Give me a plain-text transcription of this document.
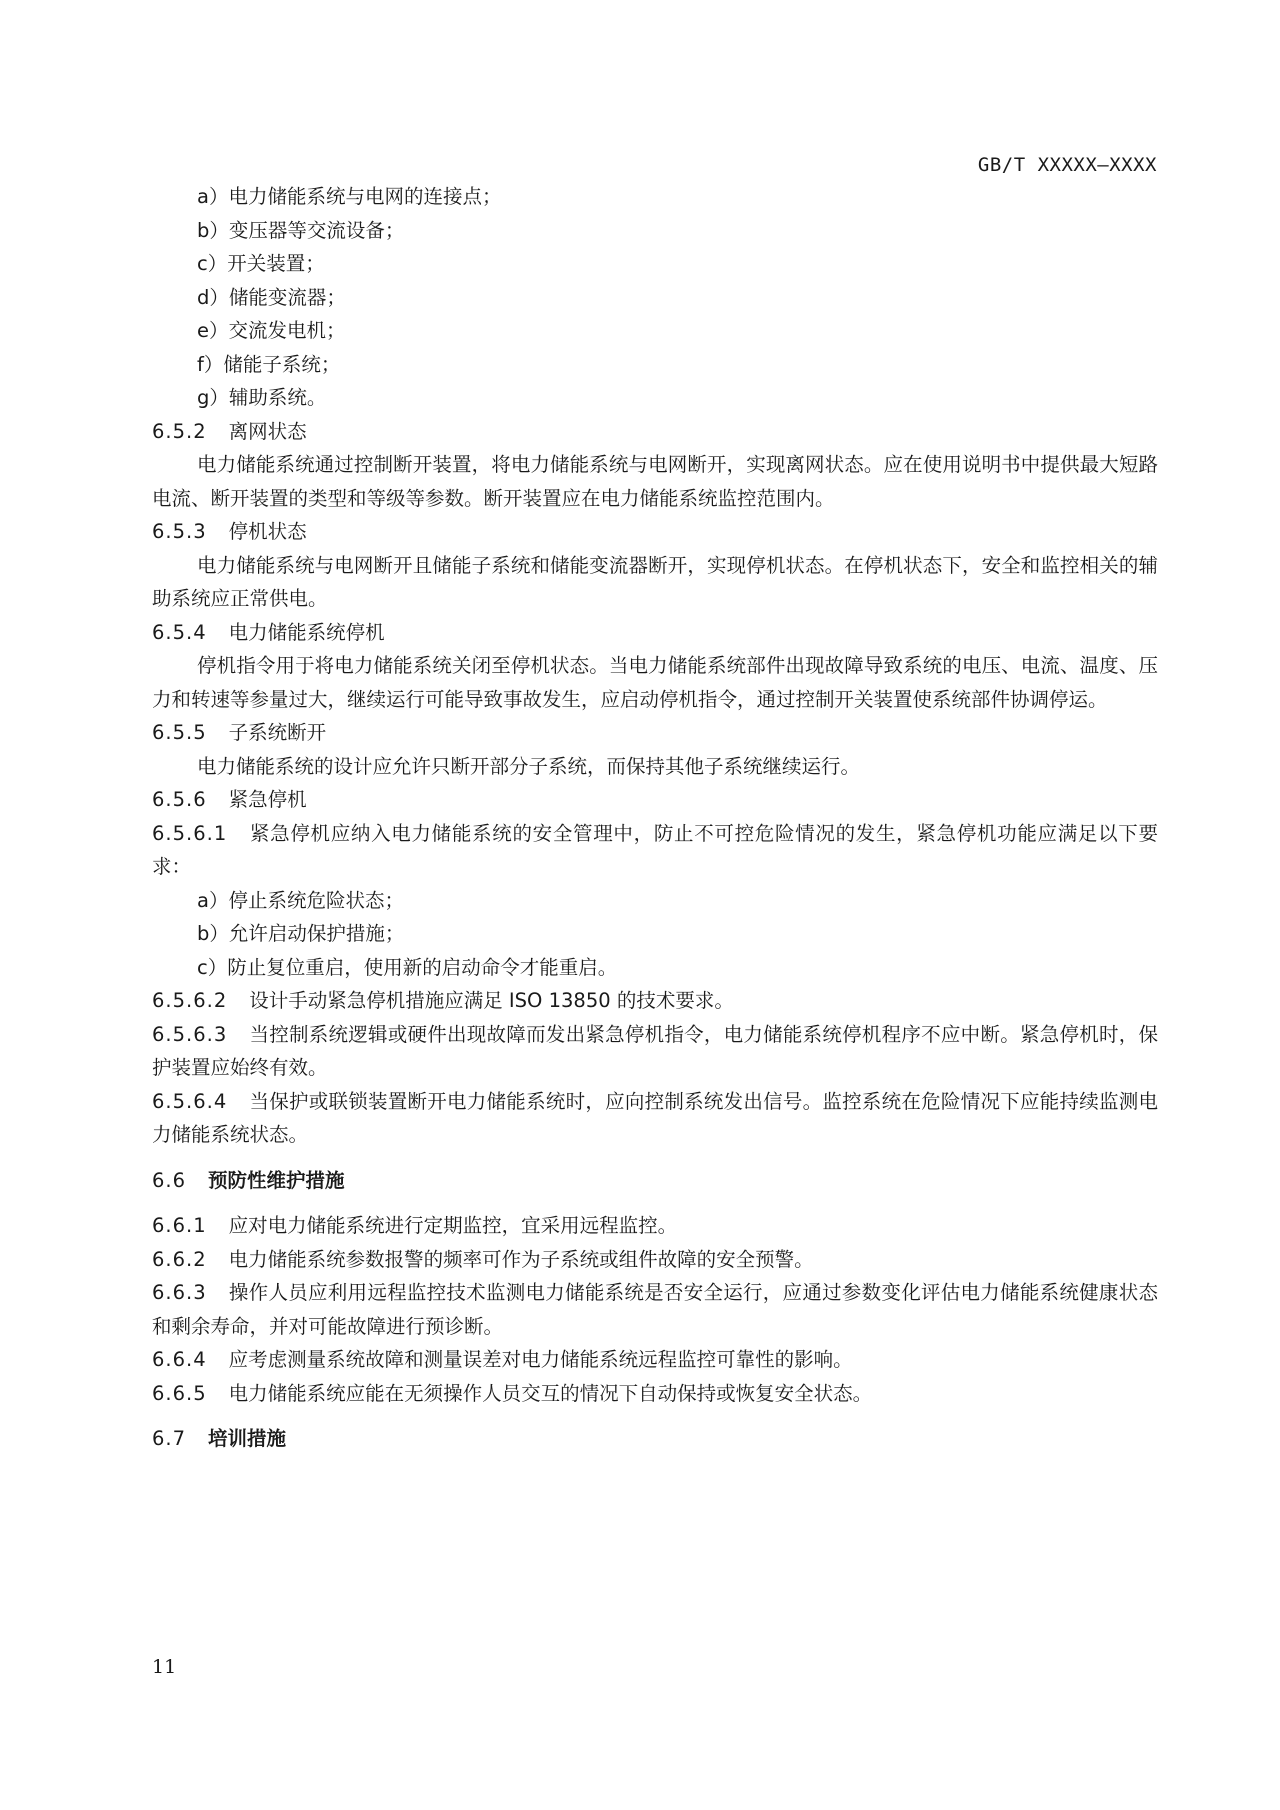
GB/T XXXXX—XXXX
a）电力储能系统与电网的连接点；
b）变压器等交流设备；
c）开关装置；
d）储能变流器；
e）交流发电机；
f）储能子系统；
g）辅助系统。
6.5.2 离网状态
电力储能系统通过控制断开装置，将电力储能系统与电网断开，实现离网状态。应在使用说明书中提供最大短路电流、断开装置的类型和等级等参数。断开装置应在电力储能系统监控范围内。
6.5.3 停机状态
电力储能系统与电网断开且储能子系统和储能变流器断开，实现停机状态。在停机状态下，安全和监控相关的辅助系统应正常供电。
6.5.4 电力储能系统停机
停机指令用于将电力储能系统关闭至停机状态。当电力储能系统部件出现故障导致系统的电压、电流、温度、压力和转速等参量过大，继续运行可能导致事故发生，应启动停机指令，通过控制开关装置使系统部件协调停运。
6.5.5 子系统断开
电力储能系统的设计应允许只断开部分子系统，而保持其他子系统继续运行。
6.5.6 紧急停机
6.5.6.1 紧急停机应纳入电力储能系统的安全管理中，防止不可控危险情况的发生，紧急停机功能应满足以下要求：
a）停止系统危险状态；
b）允许启动保护措施；
c）防止复位重启，使用新的启动命令才能重启。
6.5.6.2 设计手动紧急停机措施应满足 ISO 13850 的技术要求。
6.5.6.3 当控制系统逻辑或硬件出现故障而发出紧急停机指令，电力储能系统停机程序不应中断。紧急停机时，保护装置应始终有效。
6.5.6.4 当保护或联锁装置断开电力储能系统时，应向控制系统发出信号。监控系统在危险情况下应能持续监测电力储能系统状态。
6.6 预防性维护措施
6.6.1 应对电力储能系统进行定期监控，宜采用远程监控。
6.6.2 电力储能系统参数报警的频率可作为子系统或组件故障的安全预警。
6.6.3 操作人员应利用远程监控技术监测电力储能系统是否安全运行，应通过参数变化评估电力储能系统健康状态和剩余寿命，并对可能故障进行预诊断。
6.6.4 应考虑测量系统故障和测量误差对电力储能系统远程监控可靠性的影响。
6.6.5 电力储能系统应能在无须操作人员交互的情况下自动保持或恢复安全状态。
6.7 培训措施
11
